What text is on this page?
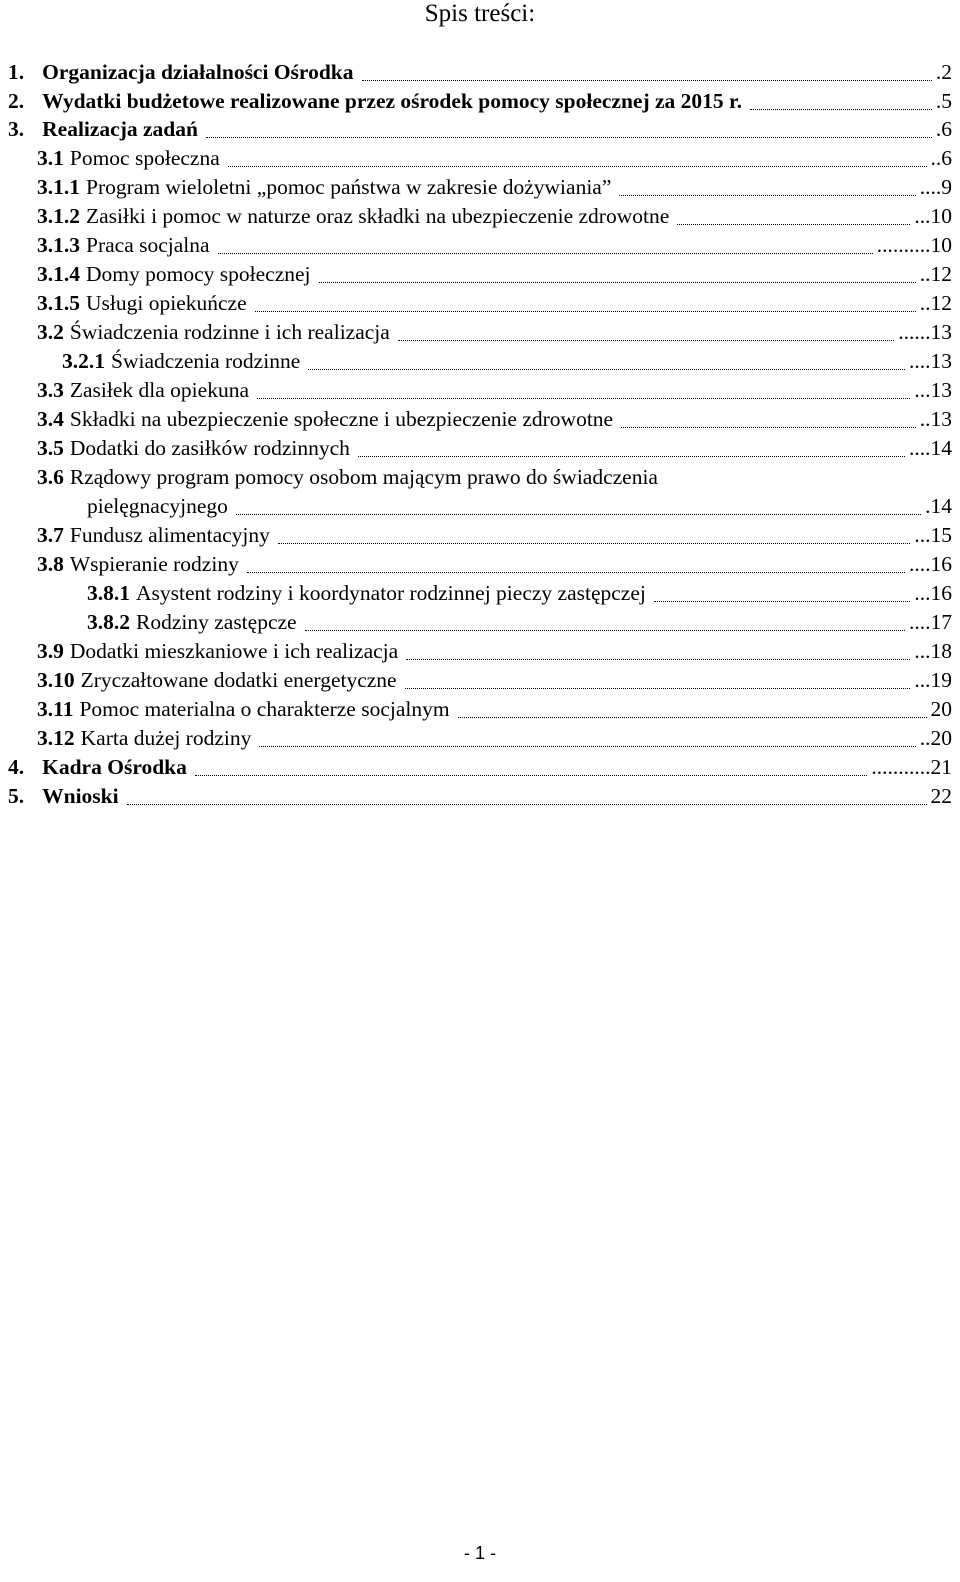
Spis treści:
1. Organizacja działalności Ośrodka	.2
2. Wydatki budżetowe realizowane przez ośrodek pomocy społecznej za 2015 r.	. 5
3. Realizacja zadań	. 6
3.1 Pomoc społeczna	.. 6
3.1.1 Program wieloletni „pomoc państwa w zakresie dożywiania”	.... 9
3.1.2 Zasiłki i pomoc w naturze oraz składki na ubezpieczenie zdrowotne	... 10
3.1.3 Praca socjalna	.......... 10
3.1.4 Domy pomocy społecznej	.. 12
3.1.5 Usługi opiekuńcze	.. 12
3.2 Świadczenia rodzinne i ich realizacja	...... 13
3.2.1 Świadczenia rodzinne	.... 13
3.3 Zasiłek dla opiekuna	... 13
3.4 Składki na ubezpieczenie społeczne i ubezpieczenie zdrowotne	.. 13
3.5 Dodatki do zasiłków rodzinnych	.... 14
3.6 Rządowy program pomocy osobom mającym prawo do świadczenia
pielęgnacyjnego	. 14
3.7 Fundusz alimentacyjny	... 15
3.8 Wspieranie rodziny	.... 16
3.8.1 Asystent rodziny i koordynator rodzinnej pieczy zastępczej	... 16
3.8.2 Rodziny zastępcze	.... 17
3.9 Dodatki mieszkaniowe i ich realizacja	... 18
3.10 Zryczałtowane dodatki energetyczne	... 19
3.11 Pomoc materialna o charakterze socjalnym	20
3.12 Karta dużej rodziny	.. 20
4. Kadra Ośrodka	........... 21
5. Wnioski	22
- 1 -
